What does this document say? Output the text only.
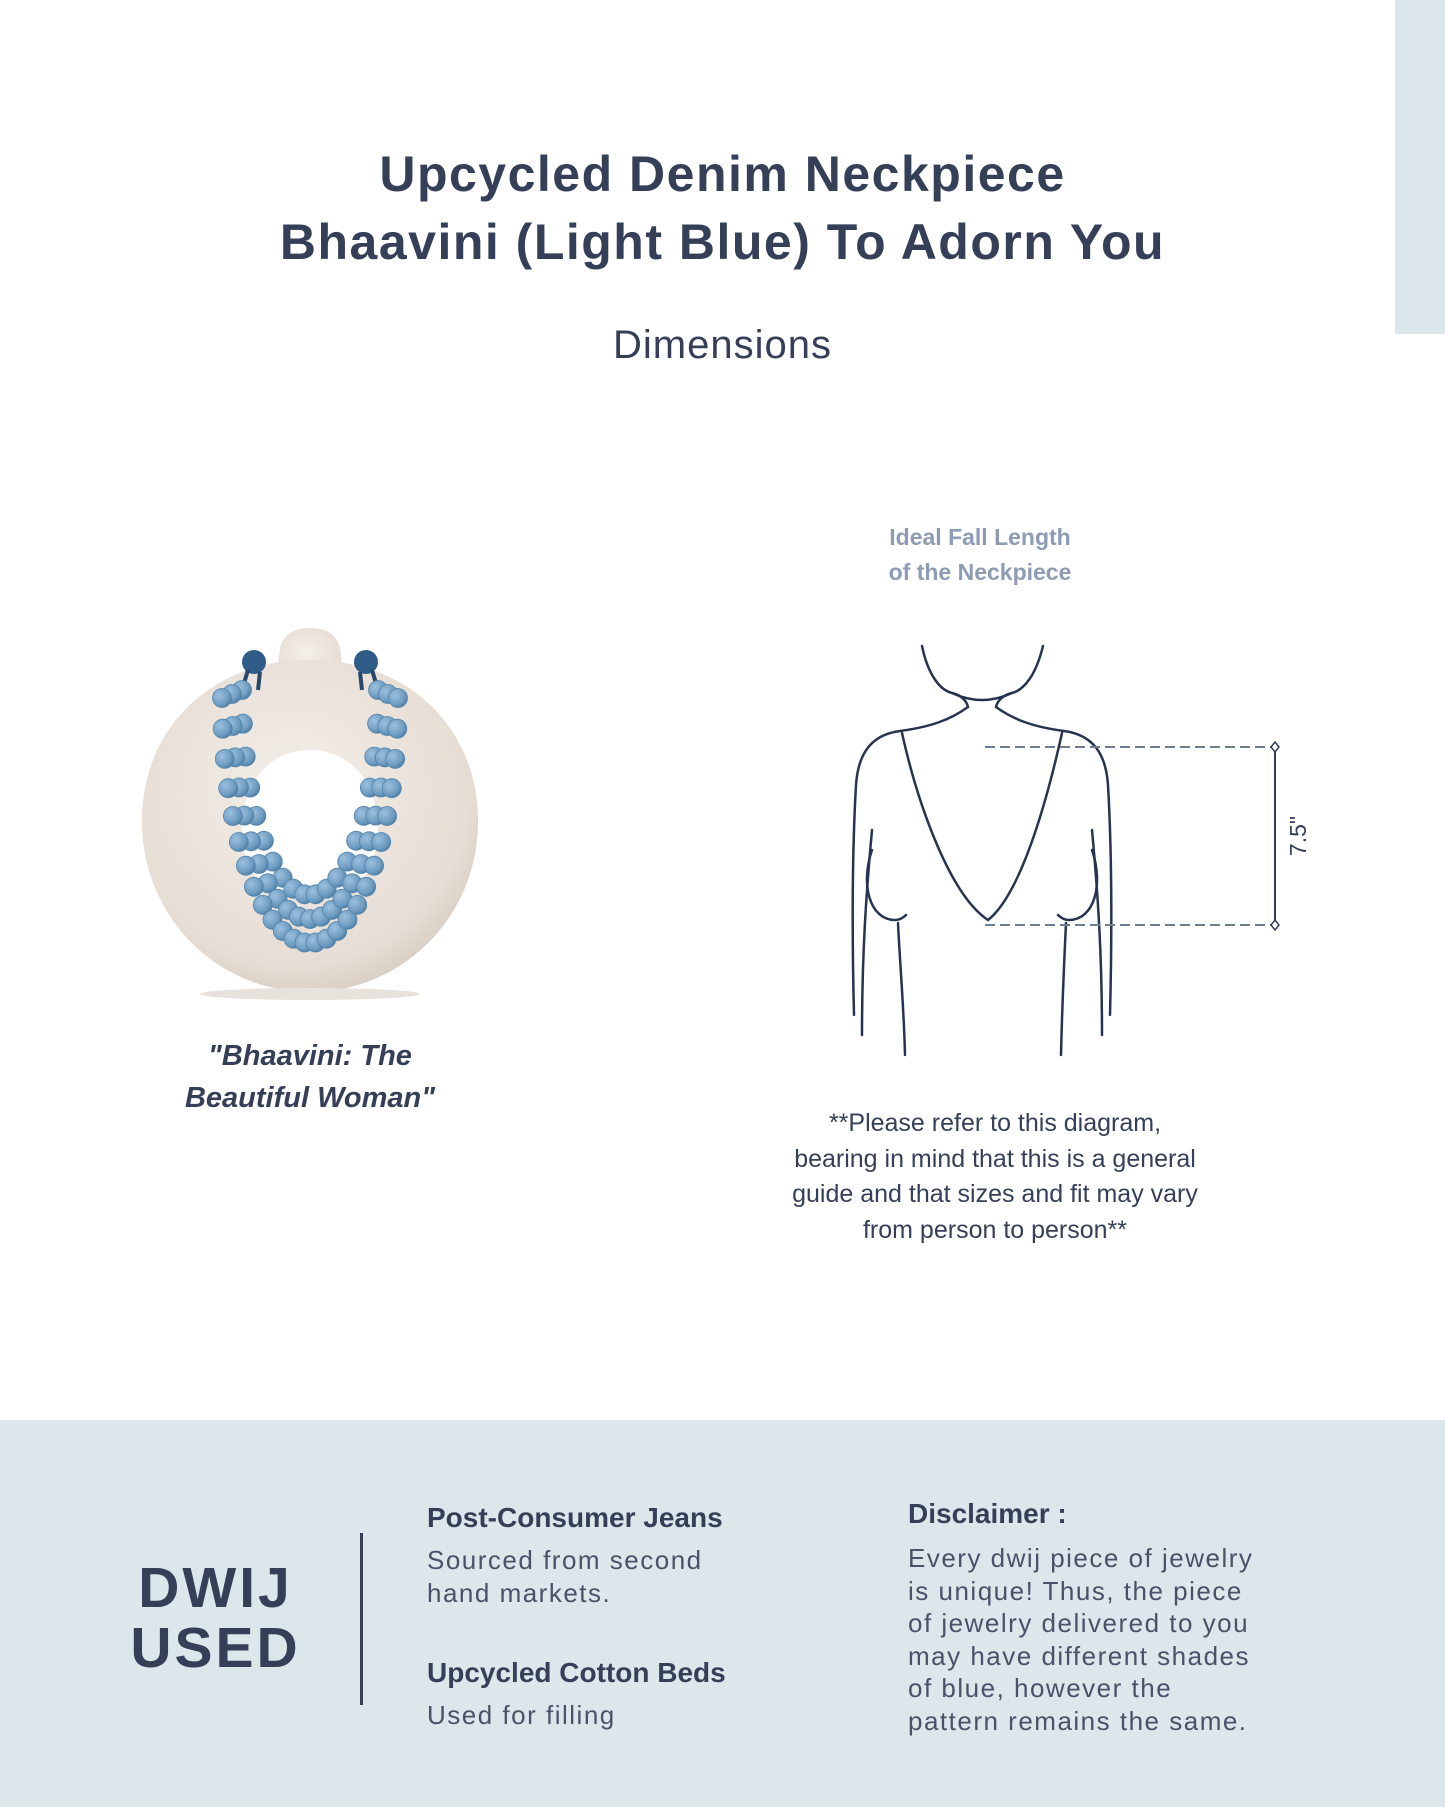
Upcycled Denim Neckpiece
Bhaavini (Light Blue) To Adorn You
Dimensions
"Bhaavini: The
Beautiful Woman"
Ideal Fall Length
of the Neckpiece
7.5"
**Please refer to this diagram,
bearing in mind that this is a general
guide and that sizes and fit may vary
from person to person**
DWIJ
USED
Post-Consumer Jeans
Sourced from second
hand markets.
Upcycled Cotton Beds
Used for filling
Disclaimer :
Every dwij piece of jewelry
is unique! Thus, the piece
of jewelry delivered to you
may have different shades
of blue, however the
pattern remains the same.
